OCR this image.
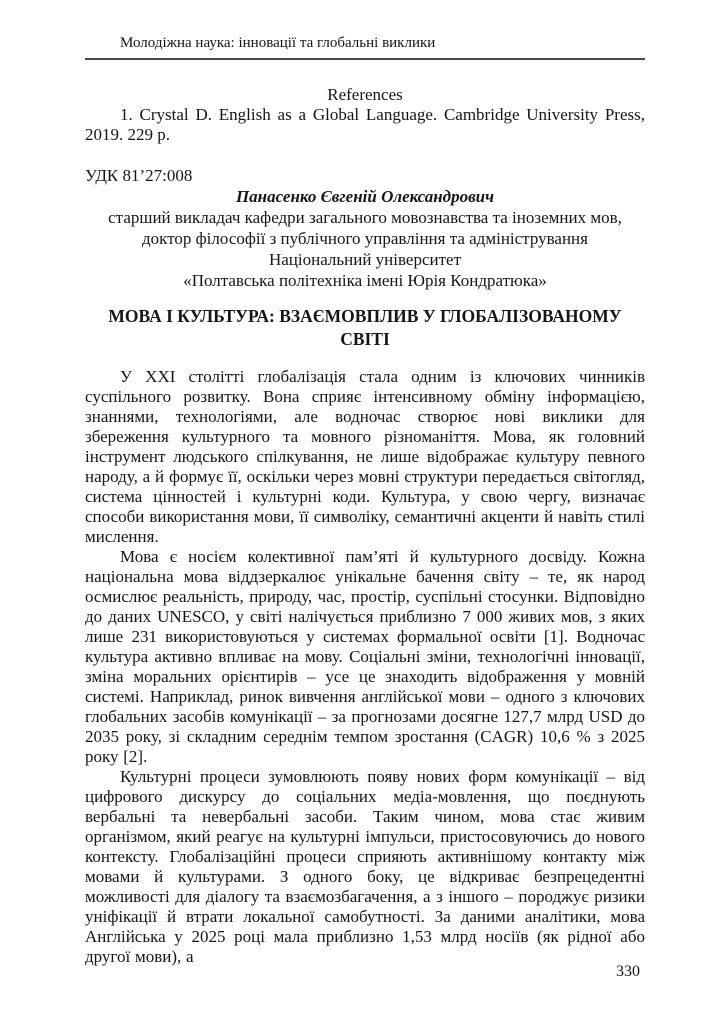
Молодіжна наука: інновації та глобальні виклики
References

1. Crystal D. English as a Global Language. Cambridge University Press, 2019. 229 p.

УДК 81’27:008
Панасенко Євгеній Олександрович
старший викладач кафедри загального мовознавства та іноземних мов,
доктор філософії з публічного управління та адміністрування
Національний університет
«Полтавська політехніка імені Юрія Кондратюка»
МОВА І КУЛЬТУРА: ВЗАЄМОВПЛИВ У ГЛОБАЛІЗОВАНОМУ СВІТІ

У XXI столітті глобалізація стала одним із ключових чинників суспільного розвитку. Вона сприяє інтенсивному обміну інформацією, знаннями, технологіями, але водночас створює нові виклики для збереження культурного та мовного різноманіття. Мова, як головний інструмент людського спілкування, не лише відображає культуру певного народу, а й формує її, оскільки через мовні структури передається світогляд, система цінностей і культурні коди. Культура, у свою чергу, визначає способи використання мови, її символіку, семантичні акценти й навіть стилі мислення.

Мова є носієм колективної пам’яті й культурного досвіду. Кожна національна мова віддзеркалює унікальне бачення світу – те, як народ осмислює реальність, природу, час, простір, суспільні стосунки. Відповідно до даних UNESCO, у світі налічується приблизно 7 000 живих мов, з яких лише 231 використовуються у системах формальної освіти [1]. Водночас культура активно впливає на мову. Соціальні зміни, технологічні інновації, зміна моральних орієнтирів – усе це знаходить відображення у мовній системі. Наприклад, ринок вивчення англійської мови – одного з ключових глобальних засобів комунікації – за прогнозами досягне 127,7 млрд USD до 2035 року, зі складним середнім темпом зростання (CAGR) 10,6 % з 2025 року [2].

Культурні процеси зумовлюють появу нових форм комунікації – від цифрового дискурсу до соціальних медіа-мовлення, що поєднують вербальні та невербальні засоби. Таким чином, мова стає живим організмом, який реагує на культурні імпульси, пристосовуючись до нового контексту. Глобалізаційні процеси сприяють активнішому контакту між мовами й культурами. З одного боку, це відкриває безпрецедентні можливості для діалогу та взаємозбагачення, а з іншого – породжує ризики уніфікації й втрати локальної самобутності. За даними аналітики, мова Англійська у 2025 році мала приблизно 1,53 млрд носіїв (як рідної або другої мови), а

330
